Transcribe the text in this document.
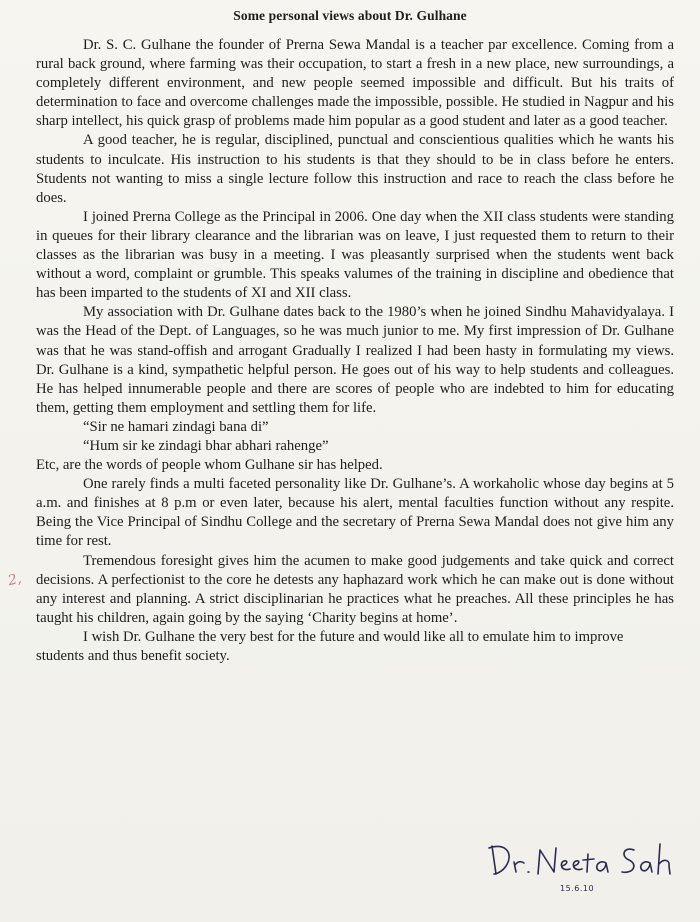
Some personal views about Dr. Gulhane
2,

Dr. S. C. Gulhane the founder of Prerna Sewa Mandal is a teacher par excellence. Coming from a rural back ground, where farming was their occupation, to start a fresh in a new place, new surroundings, a completely different environment, and new people seemed impossible and difficult. But his traits of determination to face and overcome challenges made the impossible, possible. He studied in Nagpur and his sharp intellect, his quick grasp of problems made him popular as a good student and later as a good teacher.

A good teacher, he is regular, disciplined, punctual and conscientious qualities which he wants his students to inculcate. His instruction to his students is that they should to be in class before he enters. Students not wanting to miss a single lecture follow this instruction and race to reach the class before he does.

I joined Prerna College as the Principal in 2006. One day when the XII class students were standing in queues for their library clearance and the librarian was on leave, I just requested them to return to their classes as the librarian was busy in a meeting. I was pleasantly surprised when the students went back without a word, complaint or grumble. This speaks valumes of the training in discipline and obedience that has been imparted to the students of XI and XII class.

My association with Dr. Gulhane dates back to the 1980’s when he joined Sindhu Mahavidyalaya. I was the Head of the Dept. of Languages, so he was much junior to me. My first impression of Dr. Gulhane was that he was stand-offish and arrogant Gradually I realized I had been hasty in formulating my views. Dr. Gulhane is a kind, sympathetic helpful person. He goes out of his way to help students and colleagues. He has helped innumerable people and there are scores of people who are indebted to him for educating them, getting them employment and settling them for life.

“Sir ne hamari zindagi bana di”

“Hum sir ke zindagi bhar abhari rahenge”

Etc, are the words of people whom Gulhane sir has helped.

One rarely finds a multi faceted personality like Dr. Gulhane’s. A workaholic whose day begins at 5 a.m. and finishes at 8 p.m or even later, because his alert, mental faculties function without any respite. Being the Vice Principal of Sindhu College and the secretary of Prerna Sewa Mandal does not give him any time for rest.

Tremendous foresight gives him the acumen to make good judgements and take quick and correct decisions. A perfectionist to the core he detests any haphazard work which he can make out is done without any interest and planning. A strict disciplinarian he practices what he preaches. All these principles he has taught his children, again going by the saying ‘Charity begins at home’.

I wish Dr. Gulhane the very best for the future and would like all to emulate him to improve students and thus benefit society.

15.6.10
